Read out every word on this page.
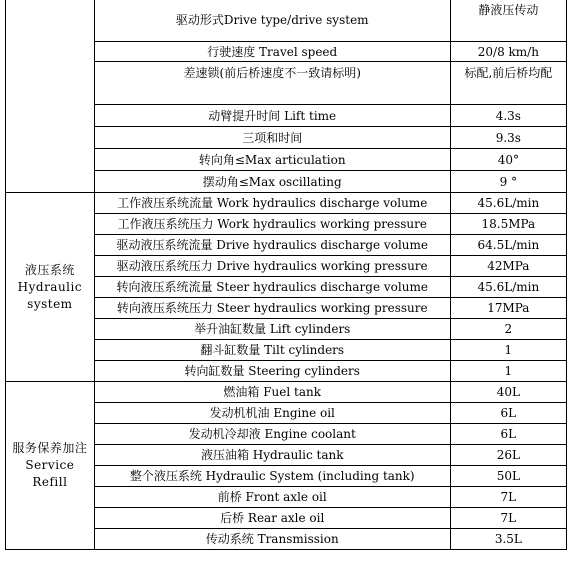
	驱动形式Drive type/drive system	静液压传动
	行驶速度 Travel speed	20/8 km/h
	差速锁(前后桥速度不一致请标明)	标配,前后桥均配
	动臂提升时间 Lift time	4.3s
	三项和时间	9.3s
	转向角≤Max articulation	40°
	摆动角≤Max oscillating	9 °
液压系统 Hydraulic system	工作液压系统流量 Work hydraulics discharge volume	45.6L/min
	工作液压系统压力 Work hydraulics working pressure	18.5MPa
	驱动液压系统流量 Drive hydraulics discharge volume	64.5L/min
	驱动液压系统压力 Drive hydraulics working pressure	42MPa
	转向液压系统流量 Steer hydraulics discharge volume	45.6L/min
	转向液压系统压力 Steer hydraulics working pressure	17MPa
	举升油缸数量 Lift cylinders	2
	翻斗缸数量 Tilt cylinders	1
	转向缸数量 Steering cylinders	1
服务保养加注 Service Refill	燃油箱 Fuel tank	40L
	发动机机油 Engine oil	6L
	发动机冷却液 Engine coolant	6L
	液压油箱 Hydraulic tank	26L
	整个液压系统 Hydraulic System (including tank)	50L
	前桥 Front axle oil	7L
	后桥 Rear axle oil	7L
	传动系统 Transmission	3.5L
